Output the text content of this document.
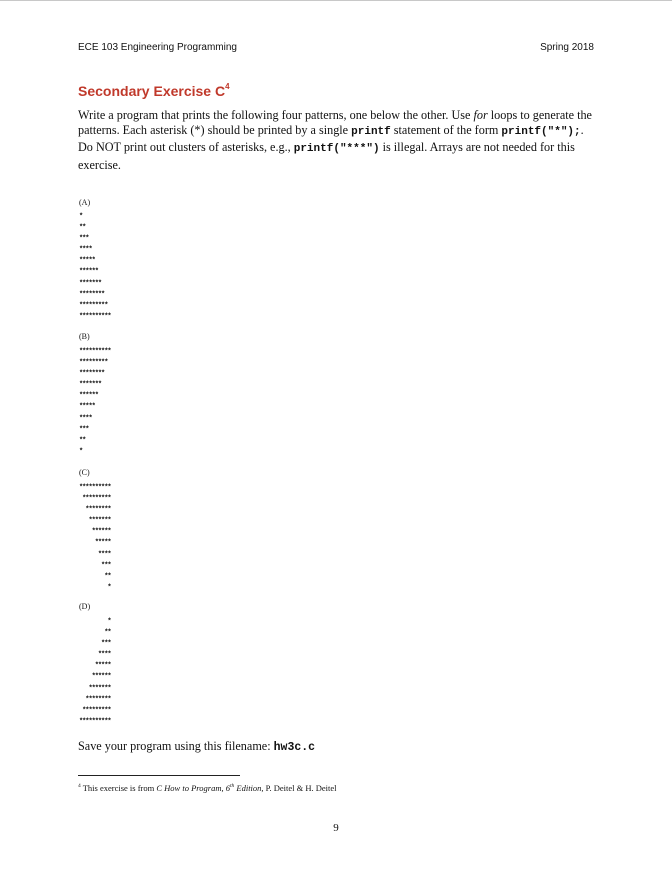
ECE 103 Engineering Programming	Spring 2018
Secondary Exercise $C^4$
Write a program that prints the following four patterns, one below the other. Use for loops to generate the patterns. Each asterisk (*) should be printed by a single printf statement of the form printf("*");. Do NOT print out clusters of asterisks, e.g., printf("***") is illegal. Arrays are not needed for this exercise.
(A)
*
**
***
****
*****
******
*******
********
*********
**********
(B)
**********
*********
********
*******
******
*****
****
***
**
*
(C)
**********
*********
********
*******
******
*****
****
***
**
*
(D)
*
**
***
****
*****
******
*******
********
*********
**********
Save your program using this filename: hw3c.c
$^4$ This exercise is from C How to Program, 6th Edition, P. Deitel & H. Deitel
9
